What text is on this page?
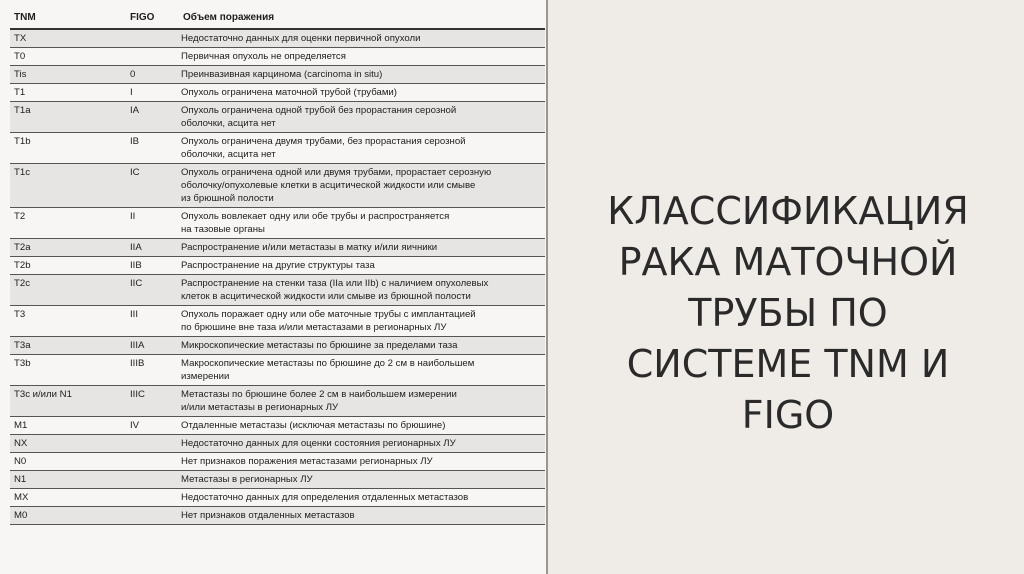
TNM	FIGO	Объем поражения
TX		Недостаточно данных для оценки первичной опухоли

T0		Первичная опухоль не определяется

Tis	0	Преинвазивная карцинома (carcinoma in situ)

T1	I	Опухоль ограничена маточной трубой (трубами)

T1a	IA	Опухоль ограничена одной трубой без прорастания серозной
оболочки, асцита нет

T1b	IB	Опухоль ограничена двумя трубами, без прорастания серозной
оболочки, асцита нет

T1c	IC	Опухоль ограничена одной или двумя трубами, прорастает серозную
оболочку/опухолевые клетки в асцитической жидкости или смыве
из брюшной полости

T2	II	Опухоль вовлекает одну или обе трубы и распространяется
на тазовые органы

T2a	IIA	Распространение и/или метастазы в матку и/или яичники

T2b	IIB	Распространение на другие структуры таза

T2c	IIC	Распространение на стенки таза (IIa или IIb) с наличием опухолевых
клеток в асцитической жидкости или смыве из брюшной полости

T3	III	Опухоль поражает одну или обе маточные трубы с имплантацией
по брюшине вне таза и/или метастазами в регионарных ЛУ

T3a	IIIA	Микроскопические метастазы по брюшине за пределами таза

T3b	IIIB	Макроскопические метастазы по брюшине до 2 см в наибольшем
измерении

T3c и/или N1	IIIC	Метастазы по брюшине более 2 см в наибольшем измерении
и/или метастазы в регионарных ЛУ

M1	IV	Отдаленные метастазы (исключая метастазы по брюшине)

NX		Недостаточно данных для оценки состояния регионарных ЛУ

N0		Нет признаков поражения метастазами регионарных ЛУ

N1		Метастазы в регионарных ЛУ

MX		Недостаточно данных для определения отдаленных метастазов

M0		Нет признаков отдаленных метастазов
КЛАССИФИКАЦИЯ
РАКА МАТОЧНОЙ
ТРУБЫ ПО
СИСТЕМЕ TNM И
FIGO
